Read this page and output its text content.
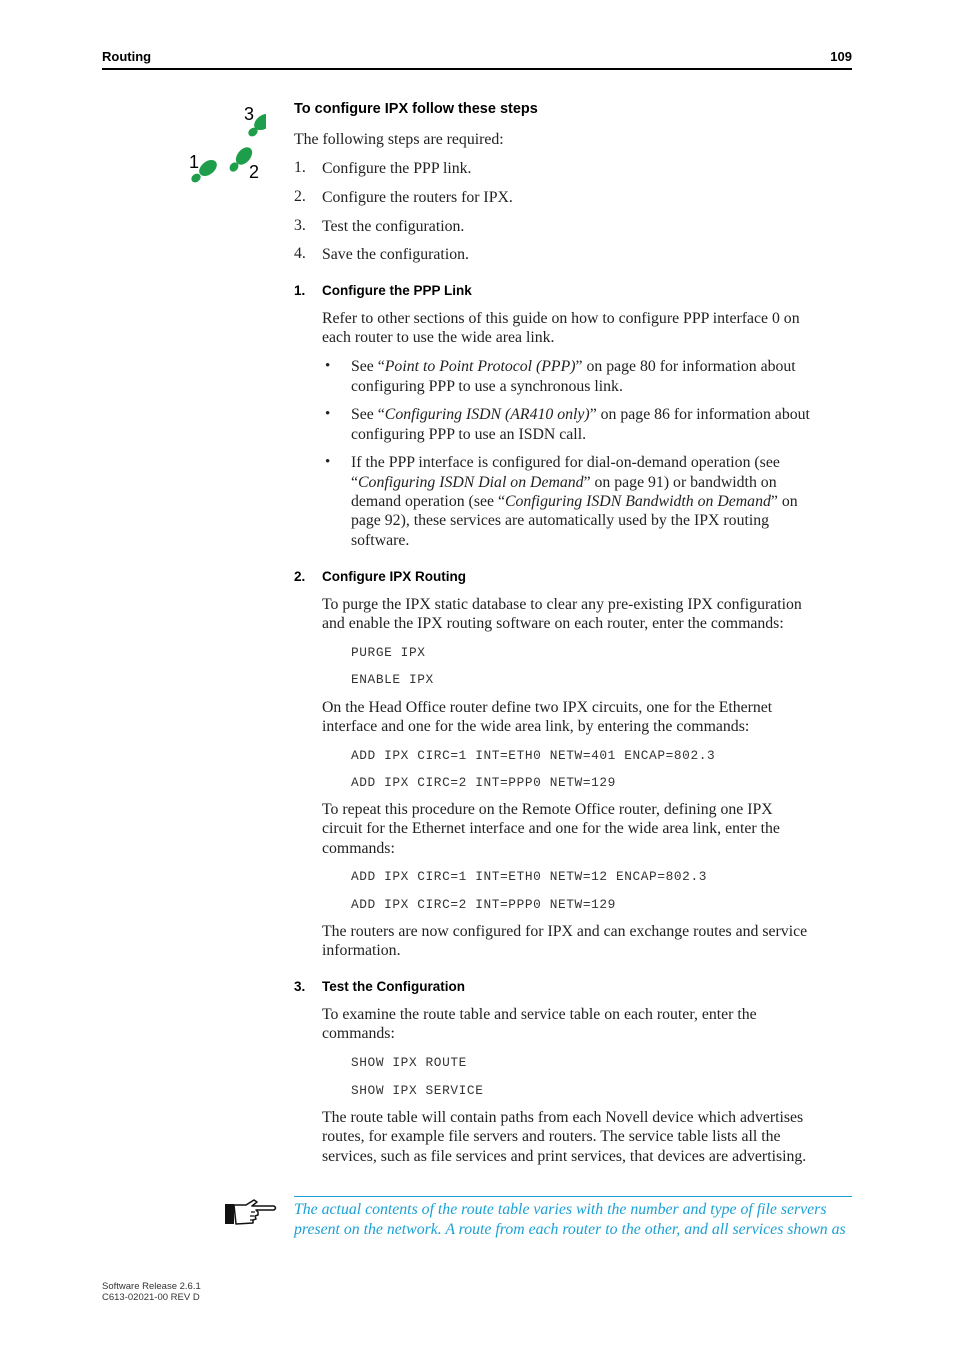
Routing	109
3
1	2
To configure IPX follow these steps
The following steps are required:
1. Configure the PPP link.
2. Configure the routers for IPX.
3. Test the configuration.
4. Save the configuration.
1. Configure the PPP Link
Refer to other sections of this guide on how to configure PPP interface 0 on
each router to use the wide area link.
• See “Point to Point Protocol (PPP)” on page 80 for information about
configuring PPP to use a synchronous link.
• See “Configuring ISDN (AR410 only)” on page 86 for information about
configuring PPP to use an ISDN call.
• If the PPP interface is configured for dial-on-demand operation (see
“Configuring ISDN Dial on Demand” on page 91) or bandwidth on
demand operation (see “Configuring ISDN Bandwidth on Demand” on
page 92), these services are automatically used by the IPX routing
software.
2. Configure IPX Routing
To purge the IPX static database to clear any pre-existing IPX configuration
and enable the IPX routing software on each router, enter the commands:
PURGE IPX
ENABLE IPX
On the Head Office router define two IPX circuits, one for the Ethernet
interface and one for the wide area link, by entering the commands:
ADD IPX CIRC=1 INT=ETH0 NETW=401 ENCAP=802.3
ADD IPX CIRC=2 INT=PPP0 NETW=129
To repeat this procedure on the Remote Office router, defining one IPX
circuit for the Ethernet interface and one for the wide area link, enter the
commands:
ADD IPX CIRC=1 INT=ETH0 NETW=12 ENCAP=802.3
ADD IPX CIRC=2 INT=PPP0 NETW=129
The routers are now configured for IPX and can exchange routes and service
information.
3. Test the Configuration
To examine the route table and service table on each router, enter the
commands:
SHOW IPX ROUTE
SHOW IPX SERVICE
The route table will contain paths from each Novell device which advertises
routes, for example file servers and routers. The service table lists all the
services, such as file services and print services, that devices are advertising.
The actual contents of the route table varies with the number and type of file servers
present on the network. A route from each router to the other, and all services shown as
Software Release 2.6.1
C613-02021-00 REV D
